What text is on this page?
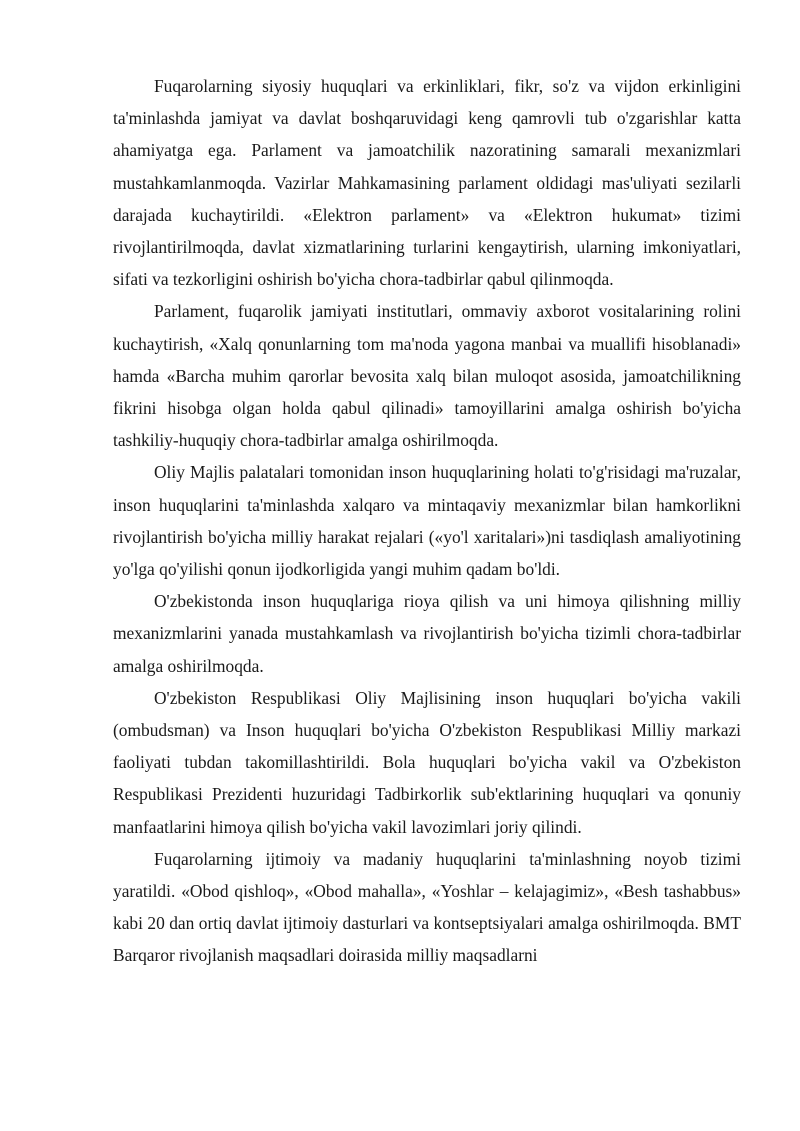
Fuqarolarning siyosiy huquqlari va erkinliklari, fikr, so'z va vijdon erkinligini ta'minlashda jamiyat va davlat boshqaruvidagi keng qamrovli tub o'zgarishlar katta ahamiyatga ega. Parlament va jamoatchilik nazoratining samarali mexanizmlari mustahkamlanmoqda. Vazirlar Mahkamasining parlament oldidagi mas'uliyati sezilarli darajada kuchaytirildi. «Elektron parlament» va «Elektron hukumat» tizimi rivojlantirilmoqda, davlat xizmatlarining turlarini kengaytirish, ularning imkoniyatlari, sifati va tezkorligini oshirish bo'yicha chora-tadbirlar qabul qilinmoqda.

Parlament, fuqarolik jamiyati institutlari, ommaviy axborot vositalarining rolini kuchaytirish, «Xalq qonunlarning tom ma'noda yagona manbai va muallifi hisoblanadi» hamda «Barcha muhim qarorlar bevosita xalq bilan muloqot asosida, jamoatchilikning fikrini hisobga olgan holda qabul qilinadi» tamoyillarini amalga oshirish bo'yicha tashkiliy-huquqiy chora-tadbirlar amalga oshirilmoqda.

Oliy Majlis palatalari tomonidan inson huquqlarining holati to'g'risidagi ma'ruzalar, inson huquqlarini ta'minlashda xalqaro va mintaqaviy mexanizmlar bilan hamkorlikni rivojlantirish bo'yicha milliy harakat rejalari («yo'l xaritalari»)ni tasdiqlash amaliyotining yo'lga qo'yilishi qonun ijodkorligida yangi muhim qadam bo'ldi.

O'zbekistonda inson huquqlariga rioya qilish va uni himoya qilishning milliy mexanizmlarini yanada mustahkamlash va rivojlantirish bo'yicha tizimli chora-tadbirlar amalga oshirilmoqda.

O'zbekiston Respublikasi Oliy Majlisining inson huquqlari bo'yicha vakili (ombudsman) va Inson huquqlari bo'yicha O'zbekiston Respublikasi Milliy markazi faoliyati tubdan takomillashtirildi. Bola huquqlari bo'yicha vakil va O'zbekiston Respublikasi Prezidenti huzuridagi Tadbirkorlik sub'ektlarining huquqlari va qonuniy manfaatlarini himoya qilish bo'yicha vakil lavozimlari joriy qilindi.

Fuqarolarning ijtimoiy va madaniy huquqlarini ta'minlashning noyob tizimi yaratildi. «Obod qishloq», «Obod mahalla», «Yoshlar – kelajagimiz», «Besh tashabbus» kabi 20 dan ortiq davlat ijtimoiy dasturlari va kontseptsiyalari amalga oshirilmoqda. BMT Barqaror rivojlanish maqsadlari doirasida milliy maqsadlarni
